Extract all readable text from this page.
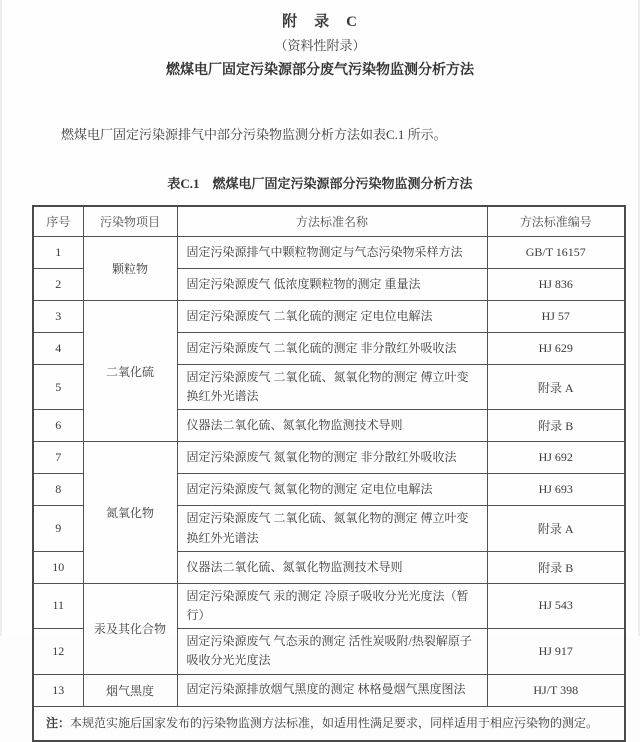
附　录　C
（资料性附录）
燃煤电厂固定污染源部分废气污染物监测分析方法

燃煤电厂固定污染源排气中部分污染物监测分析方法如表C.1 所示。

表C.1　燃煤电厂固定污染源部分污染物监测分析方法
序号	污染物项目	方法标准名称	方法标准编号
1	颗粒物	固定污染源排气中颗粒物测定与气态污染物采样方法	GB/T 16157
2		固定污染源废气 低浓度颗粒物的测定 重量法	HJ 836
3	二氧化硫	固定污染源废气 二氧化硫的测定 定电位电解法	HJ 57
4		固定污染源废气 二氧化硫的测定 非分散红外吸收法	HJ 629
5		固定污染源废气 二氧化硫、氮氧化物的测定 傅立叶变换红外光谱法	附录 A
6		仪器法二氧化硫、氮氧化物监测技术导则	附录 B
7	氮氧化物	固定污染源废气 氮氧化物的测定 非分散红外吸收法	HJ 692
8		固定污染源废气 氮氧化物的测定 定电位电解法	HJ 693
9		固定污染源废气 二氧化硫、氮氧化物的测定 傅立叶变换红外光谱法	附录 A
10		仪器法二氧化硫、氮氧化物监测技术导则	附录 B
11	汞及其化合物	固定污染源废气 汞的测定 冷原子吸收分光光度法（暂行）	HJ 543
12		固定污染源废气 气态汞的测定 活性炭吸附/热裂解原子吸收分光光度法	HJ 917
13	烟气黑度	固定污染源排放烟气黑度的测定 林格曼烟气黑度图法	HJ/T 398
注：本规范实施后国家发布的污染物监测方法标准，如适用性满足要求，同样适用于相应污染物的测定。			
